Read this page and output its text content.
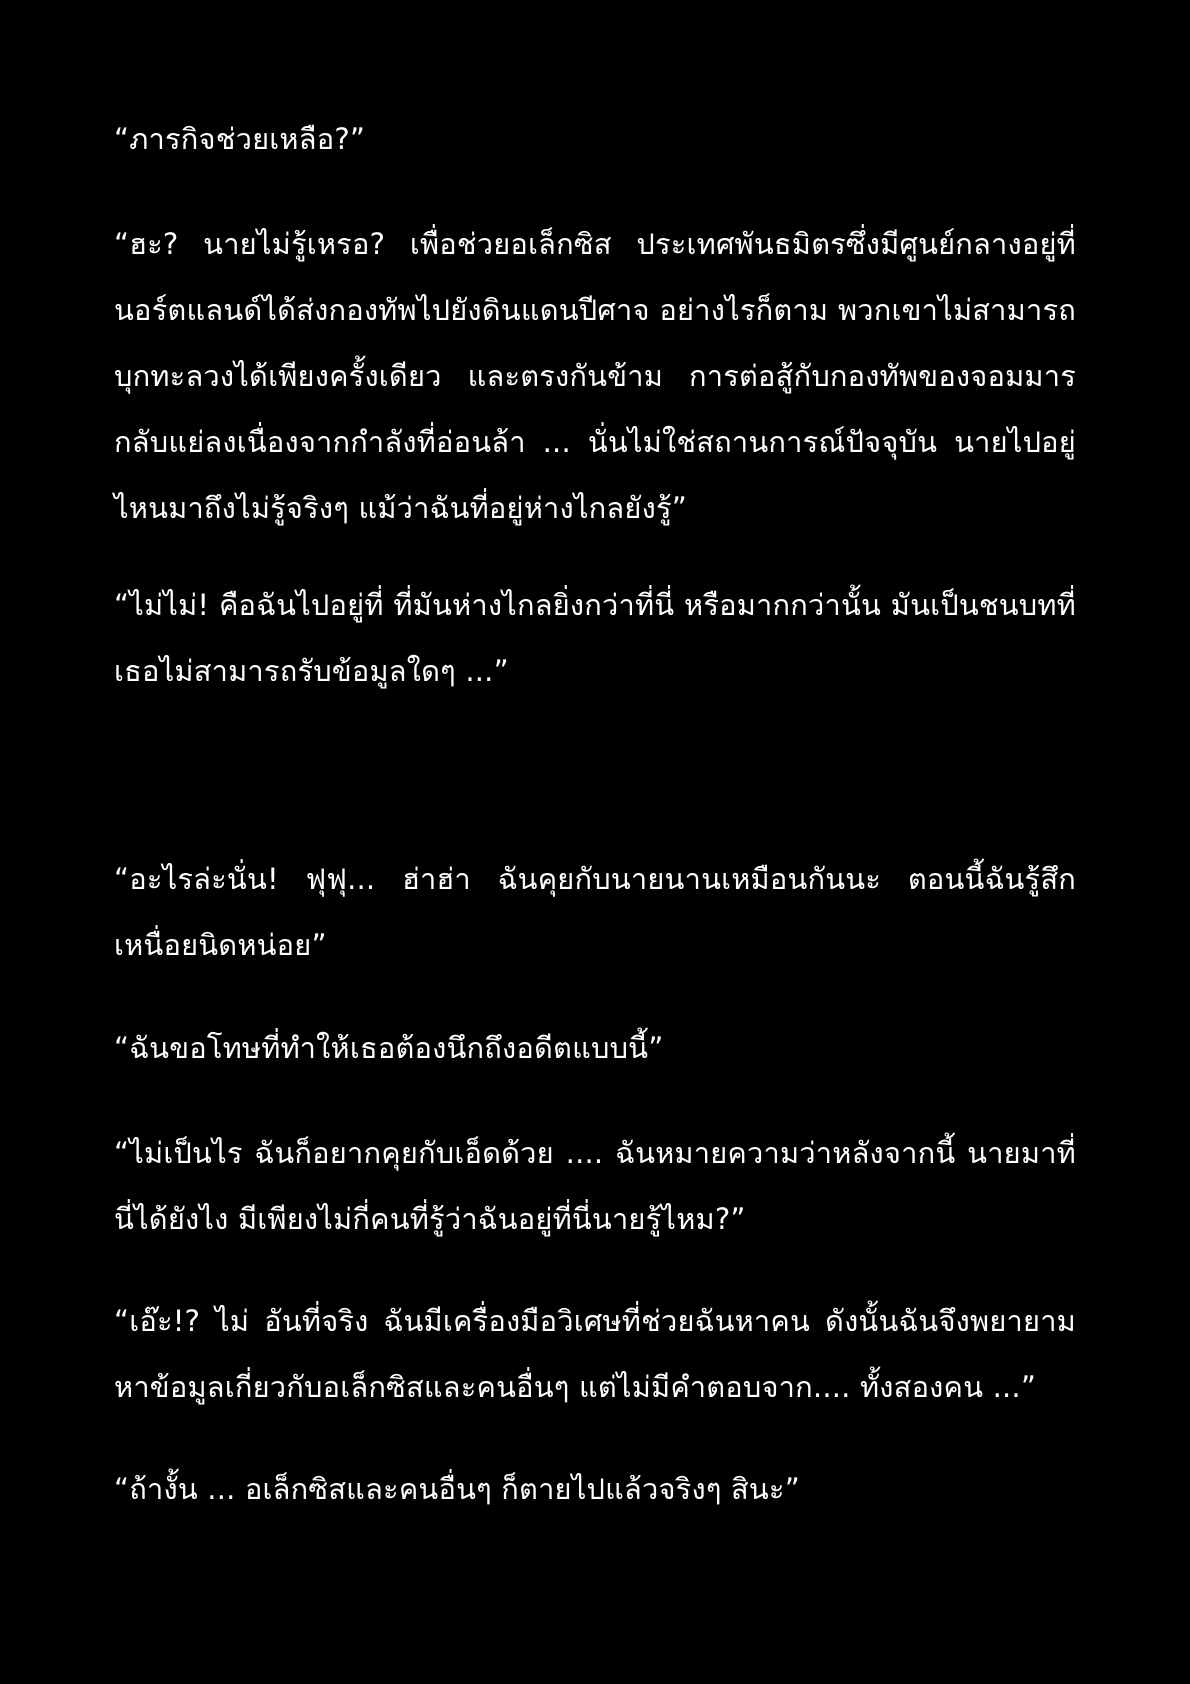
“ภารกิจช่วยเหลือ?”

“ฮะ? นายไม่รู้เหรอ? เพื่อช่วยอเล็กซิส ประเทศพันธมิตรซึ่งมีศูนย์กลางอยู่ที่นอร์ตแลนด์ได้ส่งกองทัพไปยังดินแดนปีศาจ อย่างไรก็ตาม พวกเขาไม่สามารถบุกทะลวงได้เพียงครั้งเดียว และตรงกันข้าม การต่อสู้กับกองทัพของจอมมาร กลับแย่ลงเนื่องจากกำลังที่อ่อนล้า ... นั่นไม่ใช่สถานการณ์ปัจจุบัน นายไปอยู่ไหนมาถึงไม่รู้จริงๆ แม้ว่าฉันที่อยู่ห่างไกลยังรู้”

“ไม่ไม่! คือฉันไปอยู่ที่ ที่มันห่างไกลยิ่งกว่าที่นี่ หรือมากกว่านั้น มันเป็นชนบทที่เธอไม่สามารถรับข้อมูลใดๆ ...”

“อะไรล่ะนั่น! ฟุฟุ... ฮ่าฮ่า ฉันคุยกับนายนานเหมือนกันนะ ตอนนี้ฉันรู้สึกเหนื่อยนิดหน่อย”

“ฉันขอโทษที่ทำให้เธอต้องนึกถึงอดีตแบบนี้”

“ไม่เป็นไร ฉันก็อยากคุยกับเอ็ดด้วย .... ฉันหมายความว่าหลังจากนี้ นายมาที่นี่ได้ยังไง มีเพียงไม่กี่คนที่รู้ว่าฉันอยู่ที่นี่นายรู้ไหม?”

“เอ๊ะ!? ไม่ อันที่จริง ฉันมีเครื่องมือวิเศษที่ช่วยฉันหาคน ดังนั้นฉันจึงพยายามหาข้อมูลเกี่ยวกับอเล็กซิสและคนอื่นๆ แต่ไม่มีคำตอบจาก.... ทั้งสองคน ...”

“ถ้างั้น ... อเล็กซิสและคนอื่นๆ ก็ตายไปแล้วจริงๆ สินะ”
